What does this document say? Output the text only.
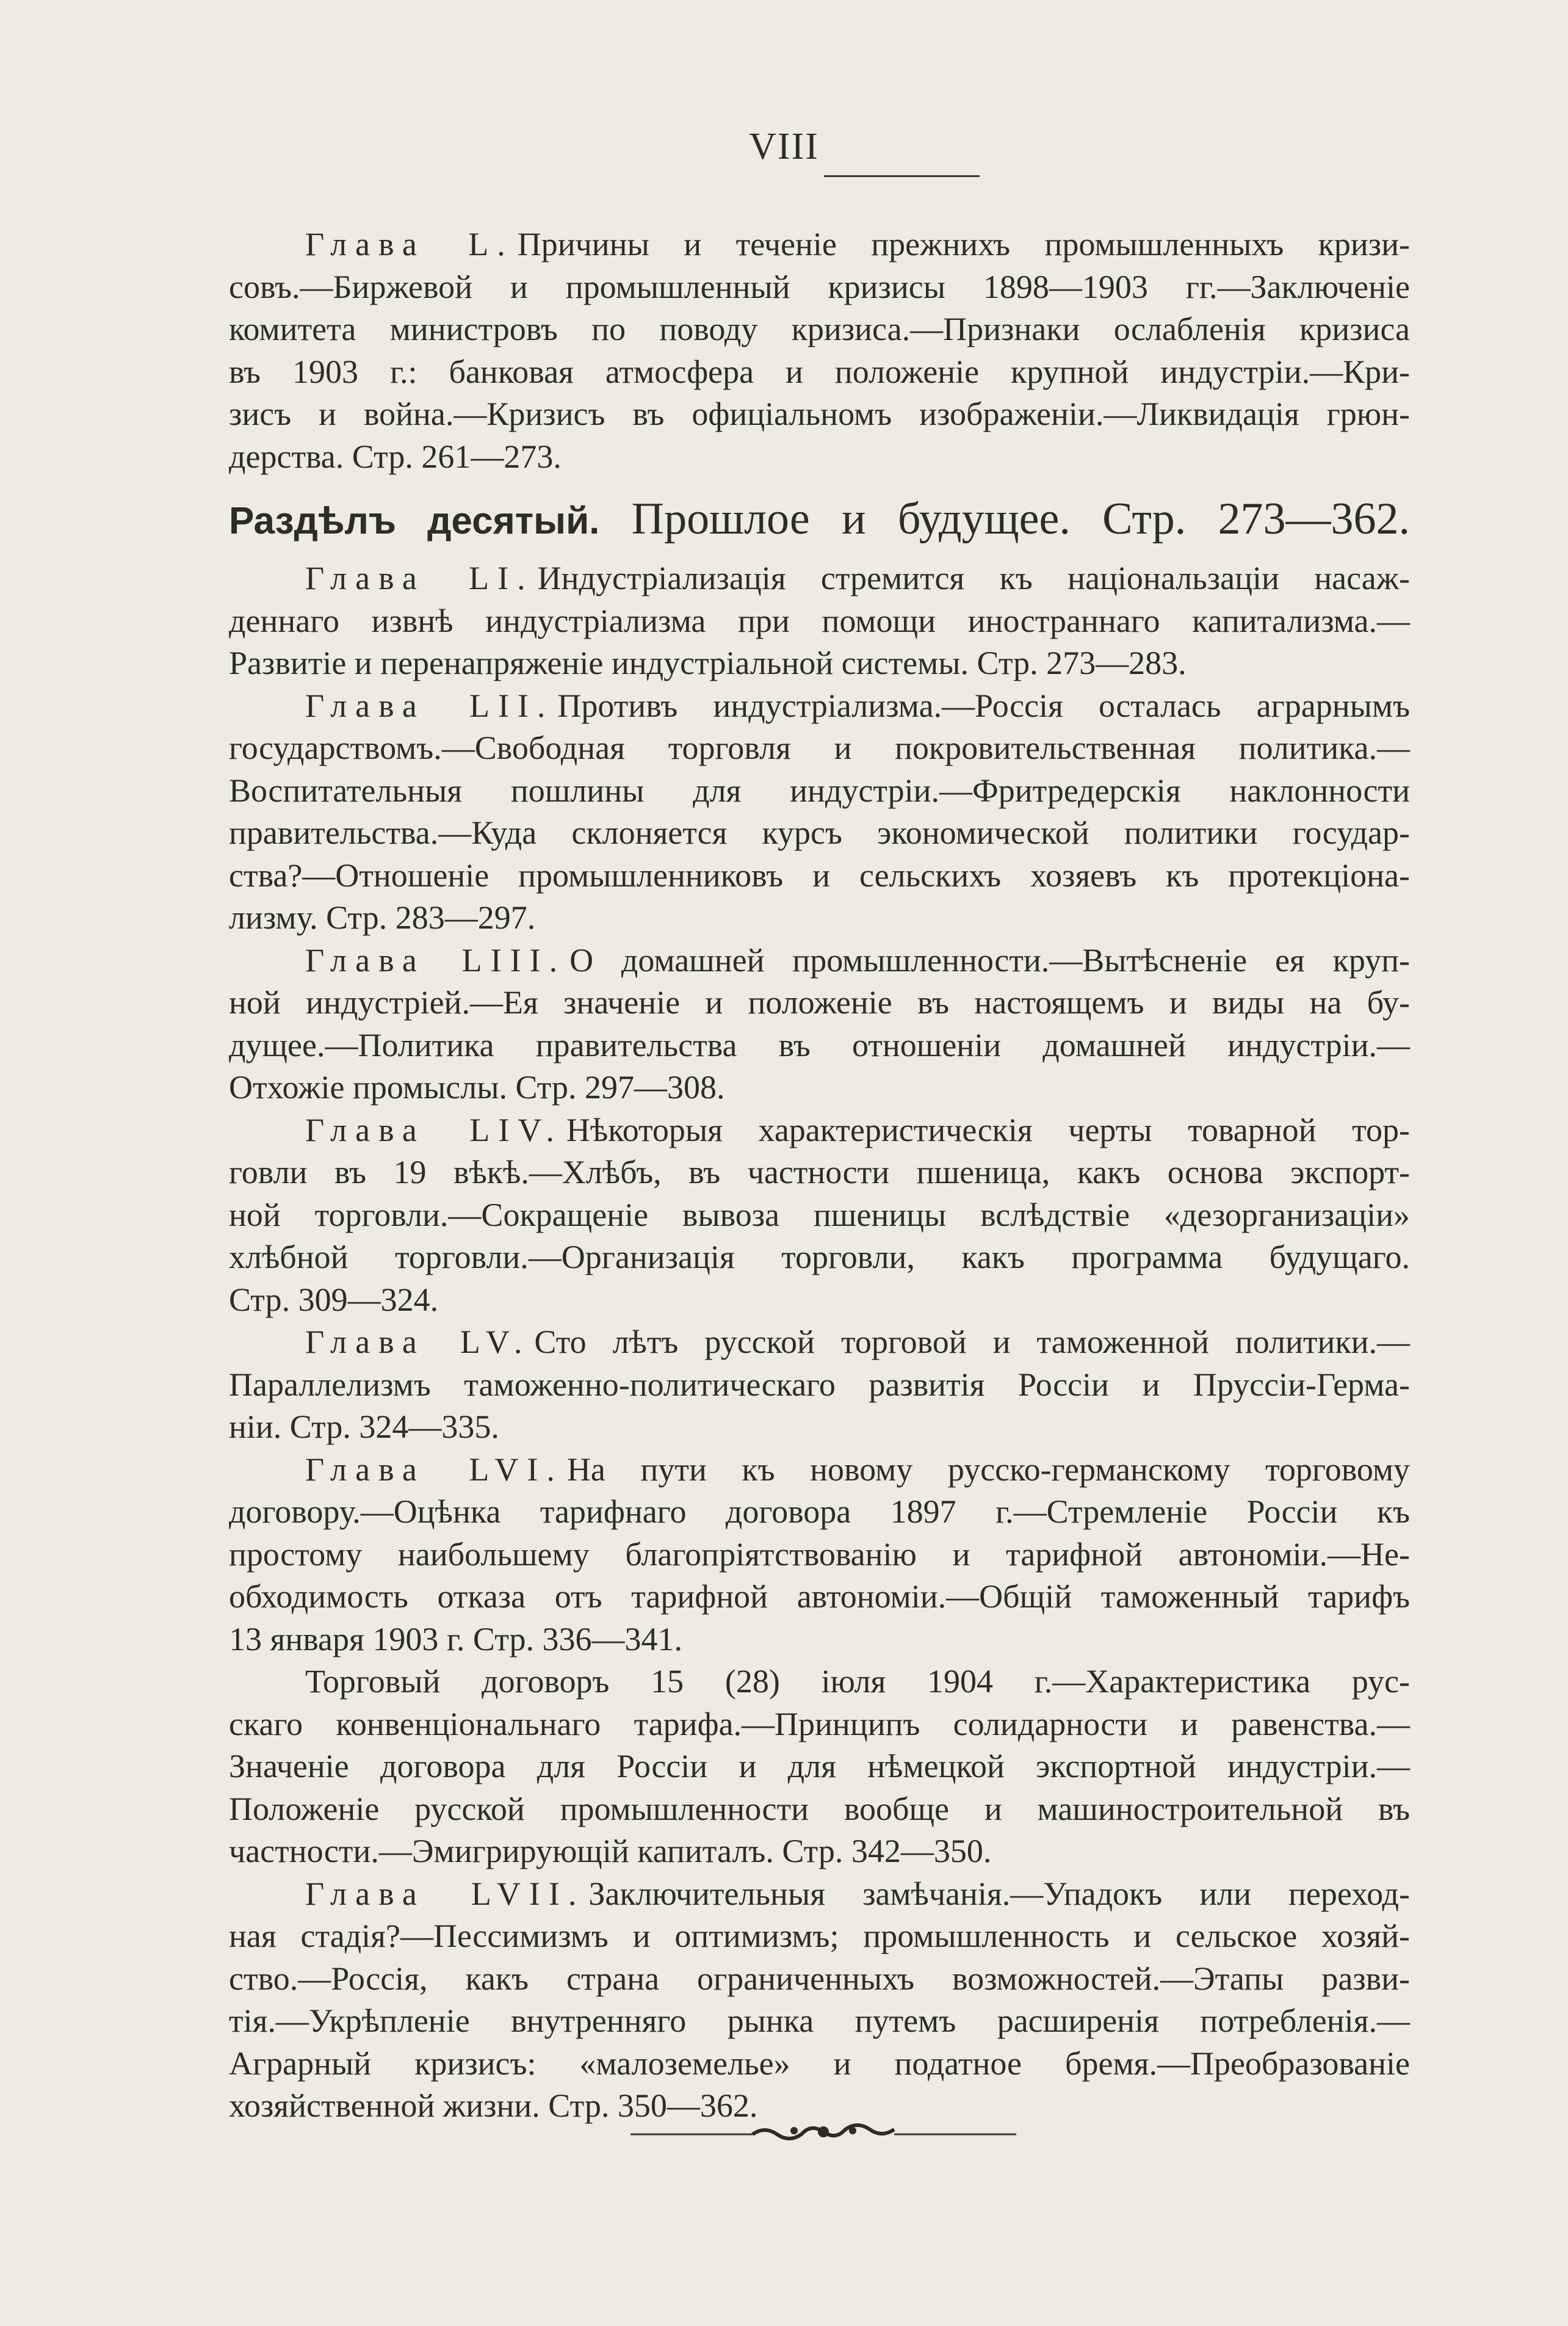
VIII
Глава L. Причины и теченіе прежнихъ промышленныхъ кризи-
совъ.—Биржевой и промышленный кризисы 1898—1903 гг.—Заключеніе
комитета министровъ по поводу кризиса.—Признаки ослабленія кризиса
въ 1903 г.: банковая атмосфера и положеніе крупной индустріи.—Кри-
зисъ и война.—Кризисъ въ офиціальномъ изображеніи.—Ликвидація грюн-
дерства. Стр. 261—273.
Раздѣлъ десятый. Прошлое и будущее. Стр. 273—362.
Глава LI. Индустріализація стремится къ національзаціи насаж-
деннаго извнѣ индустріализма при помощи иностраннаго капитализма.—
Развитіе и перенапряженіе индустріальной системы. Стр. 273—283.
Глава LII. Противъ индустріализма.—Россія осталась аграрнымъ
государствомъ.—Свободная торговля и покровительственная политика.—
Воспитательныя пошлины для индустріи.—Фритредерскія наклонности
правительства.—Куда склоняется курсъ экономической политики государ-
ства?—Отношеніе промышленниковъ и сельскихъ хозяевъ къ протекціона-
лизму. Стр. 283—297.
Глава LIII. О домашней промышленности.—Вытѣсненіе ея круп-
ной индустріей.—Ея значеніе и положеніе въ настоящемъ и виды на бу-
дущее.—Политика правительства въ отношеніи домашней индустріи.—
Отхожіе промыслы. Стр. 297—308.
Глава LIV. Нѣкоторыя характеристическія черты товарной тор-
говли въ 19 вѣкѣ.—Хлѣбъ, въ частности пшеница, какъ основа экспорт-
ной торговли.—Сокращеніе вывоза пшеницы вслѣдствіе «дезорганизаціи»
хлѣбной торговли.—Организація торговли, какъ программа будущаго.
Стр. 309—324.
Глава LV. Сто лѣтъ русской торговой и таможенной политики.—
Параллелизмъ таможенно-политическаго развитія Россіи и Пруссіи-Герма-
ніи. Стр. 324—335.
Глава LVI. На пути къ новому русско-германскому торговому
договору.—Оцѣнка тарифнаго договора 1897 г.—Стремленіе Россіи къ
простому наибольшему благопріятствованію и тарифной автономіи.—Не-
обходимость отказа отъ тарифной автономіи.—Общій таможенный тарифъ
13 января 1903 г. Стр. 336—341.
Торговый договоръ 15 (28) іюля 1904 г.—Характеристика рус-
скаго конвенціональнаго тарифа.—Принципъ солидарности и равенства.—
Значеніе договора для Россіи и для нѣмецкой экспортной индустріи.—
Положеніе русской промышленности вообще и машиностроительной въ
частности.—Эмигрирующій капиталъ. Стр. 342—350.
Глава LVII. Заключительныя замѣчанія.—Упадокъ или переход-
ная стадія?—Пессимизмъ и оптимизмъ; промышленность и сельское хозяй-
ство.—Россія, какъ страна ограниченныхъ возможностей.—Этапы разви-
тія.—Укрѣпленіе внутренняго рынка путемъ расширенія потребленія.—
Аграрный кризисъ: «малоземелье» и податное бремя.—Преобразованіе
хозяйственной жизни. Стр. 350—362.
